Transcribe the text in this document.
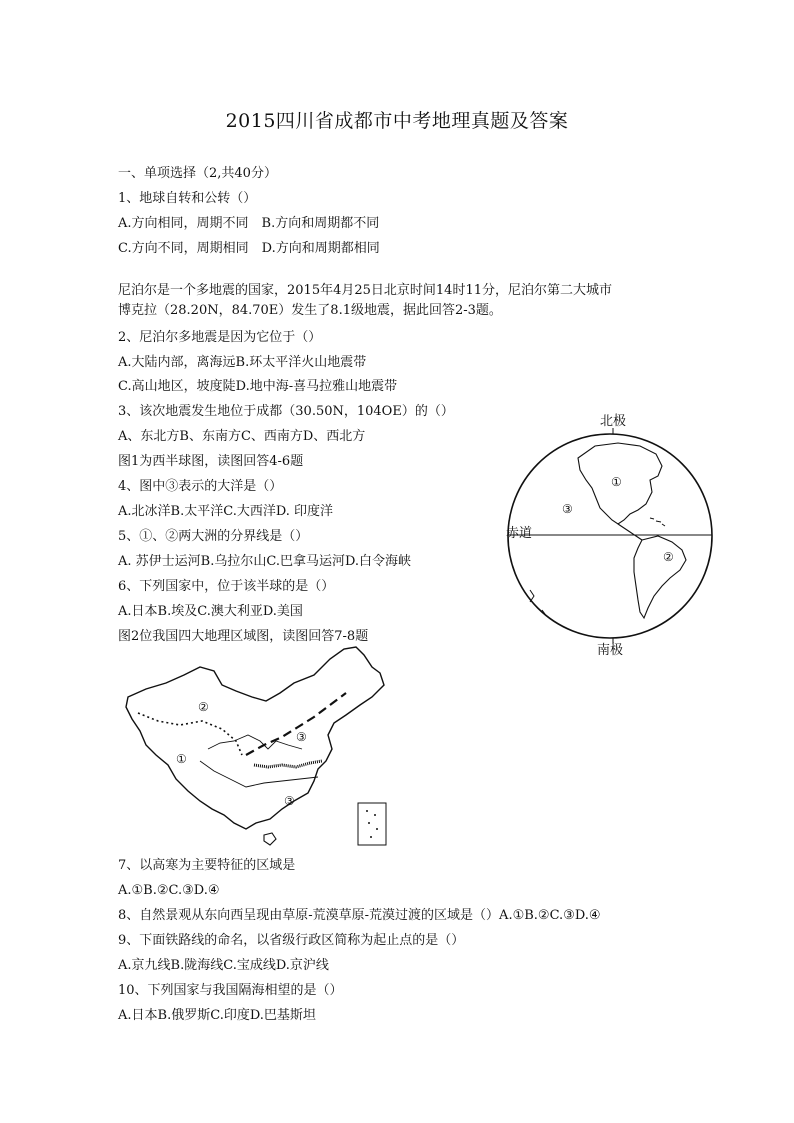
2015四川省成都市中考地理真题及答案
一、单项选择（2,共40分）
1、地球自转和公转（）
A.方向相同，周期不同　B.方向和周期都不同
C.方向不同，周期相同　D.方向和周期都相同
尼泊尔是一个多地震的国家，2015年4月25日北京时间14时11分，尼泊尔第二大城市
博克拉（28.20N，84.70E）发生了8.1级地震，据此回答2-3题。
2、尼泊尔多地震是因为它位于（）
A.大陆内部，离海远B.环太平洋火山地震带
C.高山地区，坡度陡D.地中海-喜马拉雅山地震带
3、该次地震发生地位于成都（30.50N，104OE）的（）
A、东北方B、东南方C、西南方D、西北方
图1为西半球图，读图回答4-6题
4、图中③表示的大洋是（）
A.北冰洋B.太平洋C.大西洋D. 印度洋
5、①、②两大洲的分界线是（）
A. 苏伊士运河B.乌拉尔山C.巴拿马运河D.白令海峡
6、下列国家中，位于该半球的是（）
A.日本B.埃及C.澳大利亚D.美国
图2位我国四大地理区域图，读图回答7-8题
7、以高寒为主要特征的区域是
A.①B.②C.③D.④
8、自然景观从东向西呈现由草原-荒漠草原-荒漠过渡的区域是（）A.①B.②C.③D.④
9、下面铁路线的命名，以省级行政区简称为起止点的是（）
A.京九线B.陇海线C.宝成线D.京沪线
10、下列国家与我国隔海相望的是（）
A.日本B.俄罗斯C.印度D.巴基斯坦
北极
赤道
①
②
③
南极
①
②
③
③
